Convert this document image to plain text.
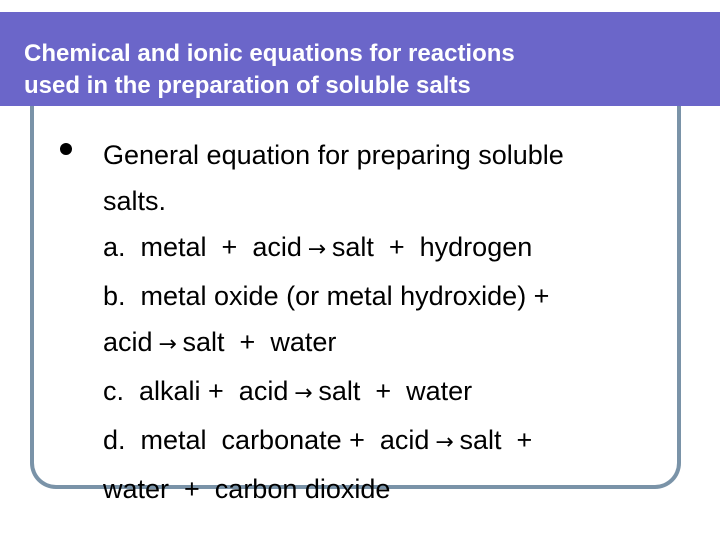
Chemical and ionic equations for reactions
used in the preparation of soluble salts
General equation for preparing soluble
salts.
a.  metal  +  acid → salt  +  hydrogen
b.  metal oxide (or metal hydroxide) +
acid → salt  +  water
c.  alkali +  acid → salt  +  water
d.  metal  carbonate +  acid → salt  +
water  +  carbon dioxide
